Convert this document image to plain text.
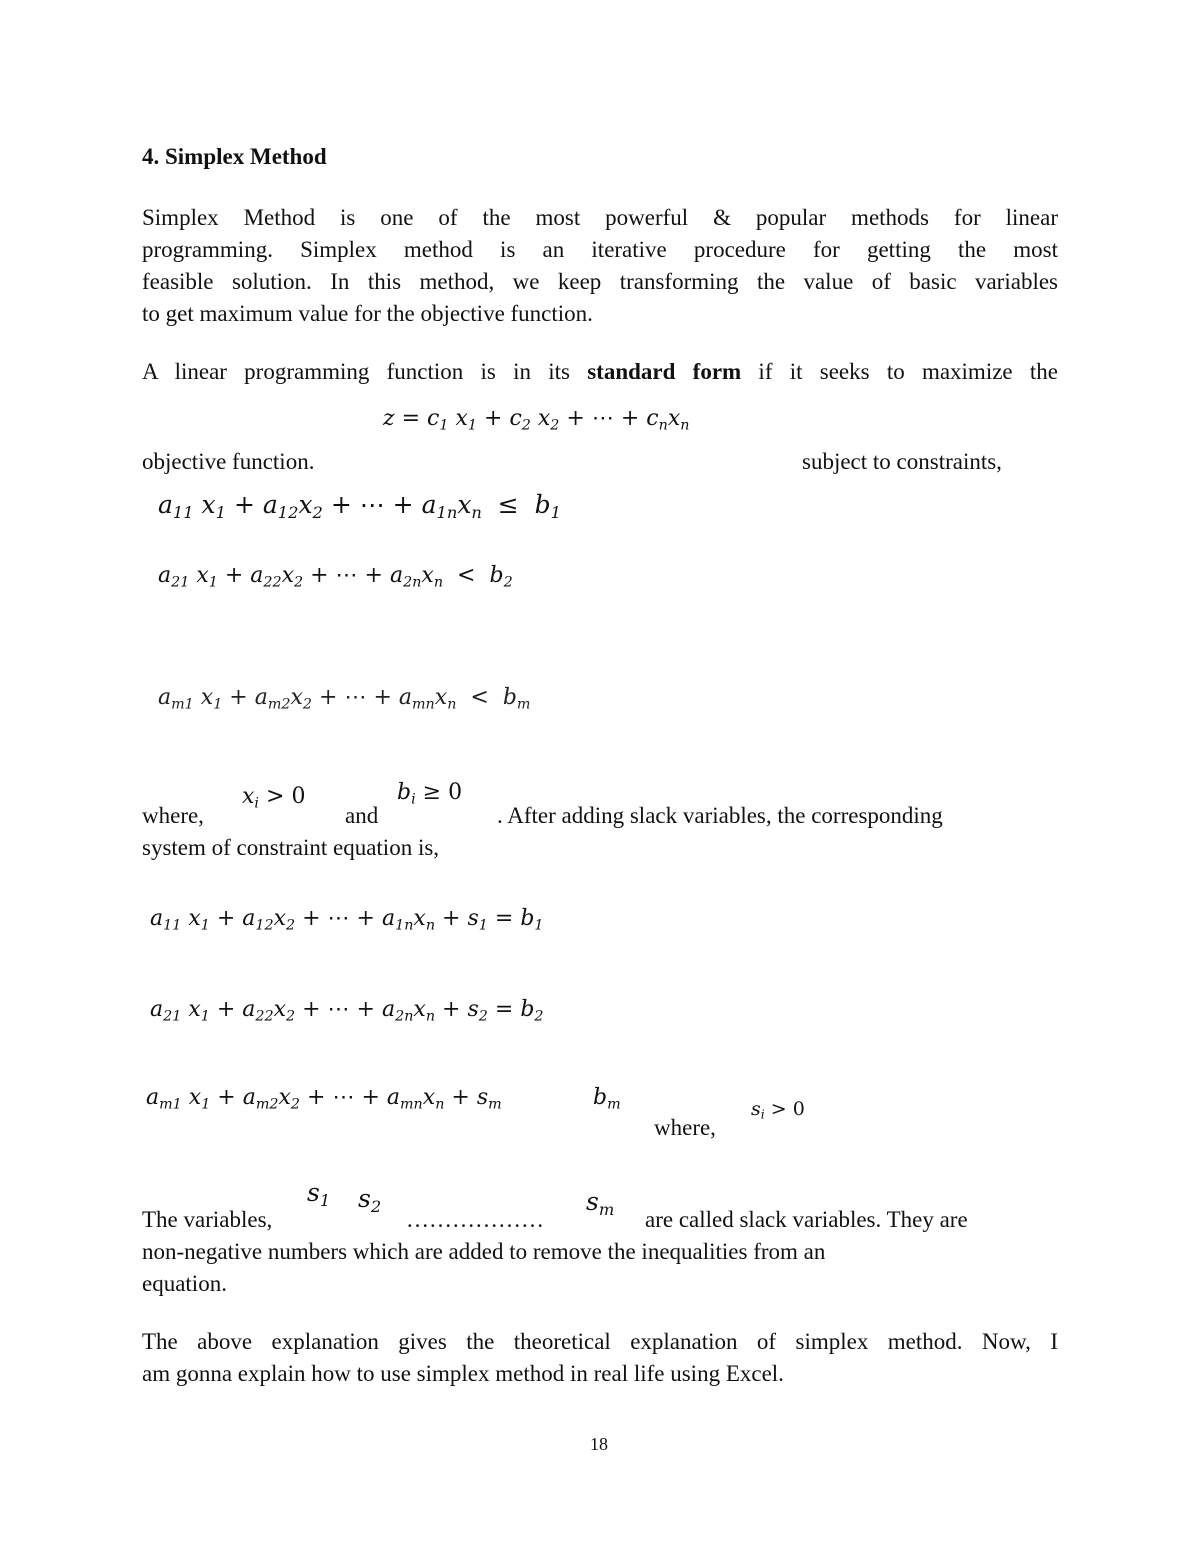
4. Simplex Method
Simplex Method is one of the most powerful & popular methods for linear
programming. Simplex method is an iterative procedure for getting the most
feasible solution. In this method, we keep transforming the value of basic variables
to get maximum value for the objective function.
A linear programming function is in its standard form if it seeks to maximize the
$z = c_1$ $x_1 + c_2$ $x_2$ + ⋯ + $c_nx_n$
objective function.	subject to constraints,
$a_{11}$ $x_1 + a_{12}x_2$ + ⋯ + $a_{1n}x_n \le b_1$
$a_{21}$ $x_1 + a_{22}x_2$ + ⋯ + $a_{2n}x_n < b_2$
$a_{m1}$ $x_1 + a_{m2}x_2$ + ⋯ + $a_{mn}x_n < b_m$
$x_i > 0$	$b_i \ge 0$
where,	and	. After adding slack variables, the corresponding
system of constraint equation is,
$a_{11}$ $x_1 + a_{12}x_2$ + ⋯ + $a_{1n}x_n + s_1 = b_1$
$a_{21}$ $x_1 + a_{22}x_2$ + ⋯ + $a_{2n}x_n + s_2 = b_2$
$a_{m1}$ $x_1 + a_{m2}x_2$ + ⋯ + $a_{mn}x_n + s_m$	$b_m$
where,
$s_i > 0$
$s_1$ $s_2$	$s_m$
The variables,	………………	are called slack variables. They are
non-negative numbers which are added to remove the inequalities from an
equation.
The above explanation gives the theoretical explanation of simplex method. Now, I
am gonna explain how to use simplex method in real life using Excel.
18
